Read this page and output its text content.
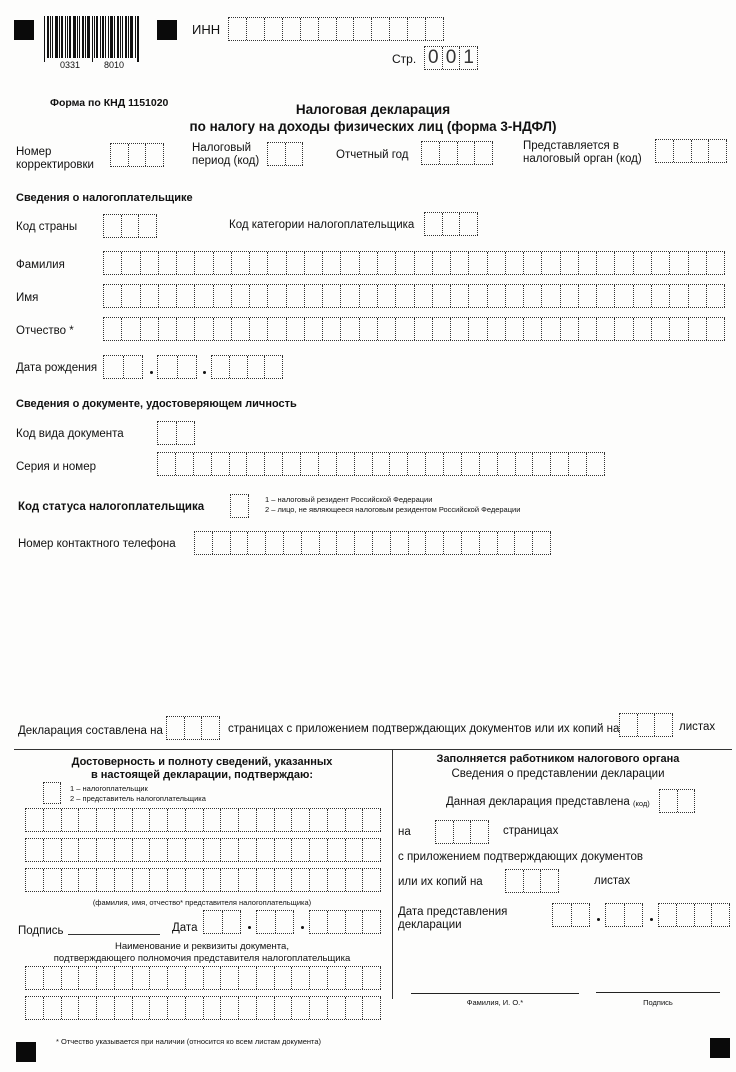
0331	8010
ИНН
Стр. 0 0 1
Форма по КНД 1151020	Налоговая декларация
по налогу на доходы физических лиц (форма 3-НДФЛ)
Номер
корректировки
Налоговый
период (код)	Отчетный год
Представляется в
налоговый орган (код)
Сведения о налогоплательщике
Код страны	Код категории налогоплательщика
Фамилия
Имя
Отчество *
Дата рождения
Сведения о документе, удостоверяющем личность
Код вида документа
Серия и номер
Код статуса налогоплательщика
1 – налоговый резидент Российской Федерации
2 – лицо, не являющееся налоговым резидентом Российской Федерации
Номер контактного телефона
Декларация составлена на	страницах с приложением подтверждающих документов или их копий на	листах
Достоверность и полноту сведений, указанных
в настоящей декларации, подтверждаю:
1 – налогоплательщик
2 – представитель налогоплательщика
(фамилия, имя, отчество* представителя налогоплательщика)
Подпись	Дата
Наименование и реквизиты документа,
подтверждающего полномочия представителя налогоплательщика
Заполняется работником налогового органа
Сведения о представлении декларации
Данная декларация представлена (код)
на	страницах
с приложением подтверждающих документов
или их копий на	листах
Дата представления
декларации
Фамилия, И. О.*	Подпись
* Отчество указывается при наличии (относится ко всем листам документа)
